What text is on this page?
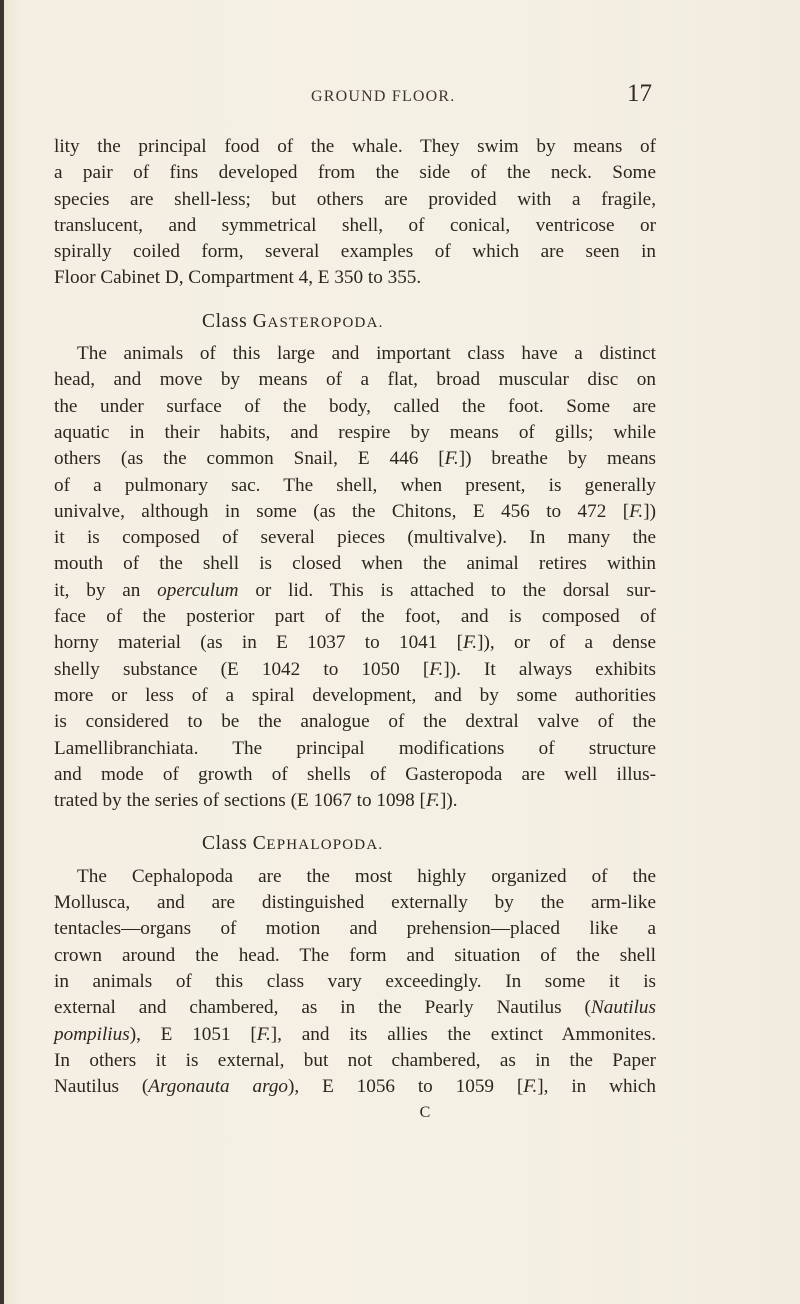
GROUND FLOOR.	17
lity the principal food of the whale. They swim by means of
a pair of fins developed from the side of the neck. Some
species are shell-less; but others are provided with a fragile,
translucent, and symmetrical shell, of conical, ventricose or
spirally coiled form, several examples of which are seen in
Floor Cabinet D, Compartment 4, E 350 to 355.
Class GASTEROPODA.
The animals of this large and important class have a distinct
head, and move by means of a flat, broad muscular disc on
the under surface of the body, called the foot. Some are
aquatic in their habits, and respire by means of gills; while
others (as the common Snail, E 446 [F.]) breathe by means
of a pulmonary sac. The shell, when present, is generally
univalve, although in some (as the Chitons, E 456 to 472 [F.])
it is composed of several pieces (multivalve). In many the
mouth of the shell is closed when the animal retires within
it, by an operculum or lid. This is attached to the dorsal sur-
face of the posterior part of the foot, and is composed of
horny material (as in E 1037 to 1041 [F.]), or of a dense
shelly substance (E 1042 to 1050 [F.]). It always exhibits
more or less of a spiral development, and by some authorities
is considered to be the analogue of the dextral valve of the
Lamellibranchiata. The principal modifications of structure
and mode of growth of shells of Gasteropoda are well illus-
trated by the series of sections (E 1067 to 1098 [F.]).
Class CEPHALOPODA.
The Cephalopoda are the most highly organized of the
Mollusca, and are distinguished externally by the arm-like
tentacles—organs of motion and prehension—placed like a
crown around the head. The form and situation of the shell
in animals of this class vary exceedingly. In some it is
external and chambered, as in the Pearly Nautilus (Nautilus
pompilius), E 1051 [F.], and its allies the extinct Ammonites.
In others it is external, but not chambered, as in the Paper
Nautilus (Argonauta argo), E 1056 to 1059 [F.], in which
C
